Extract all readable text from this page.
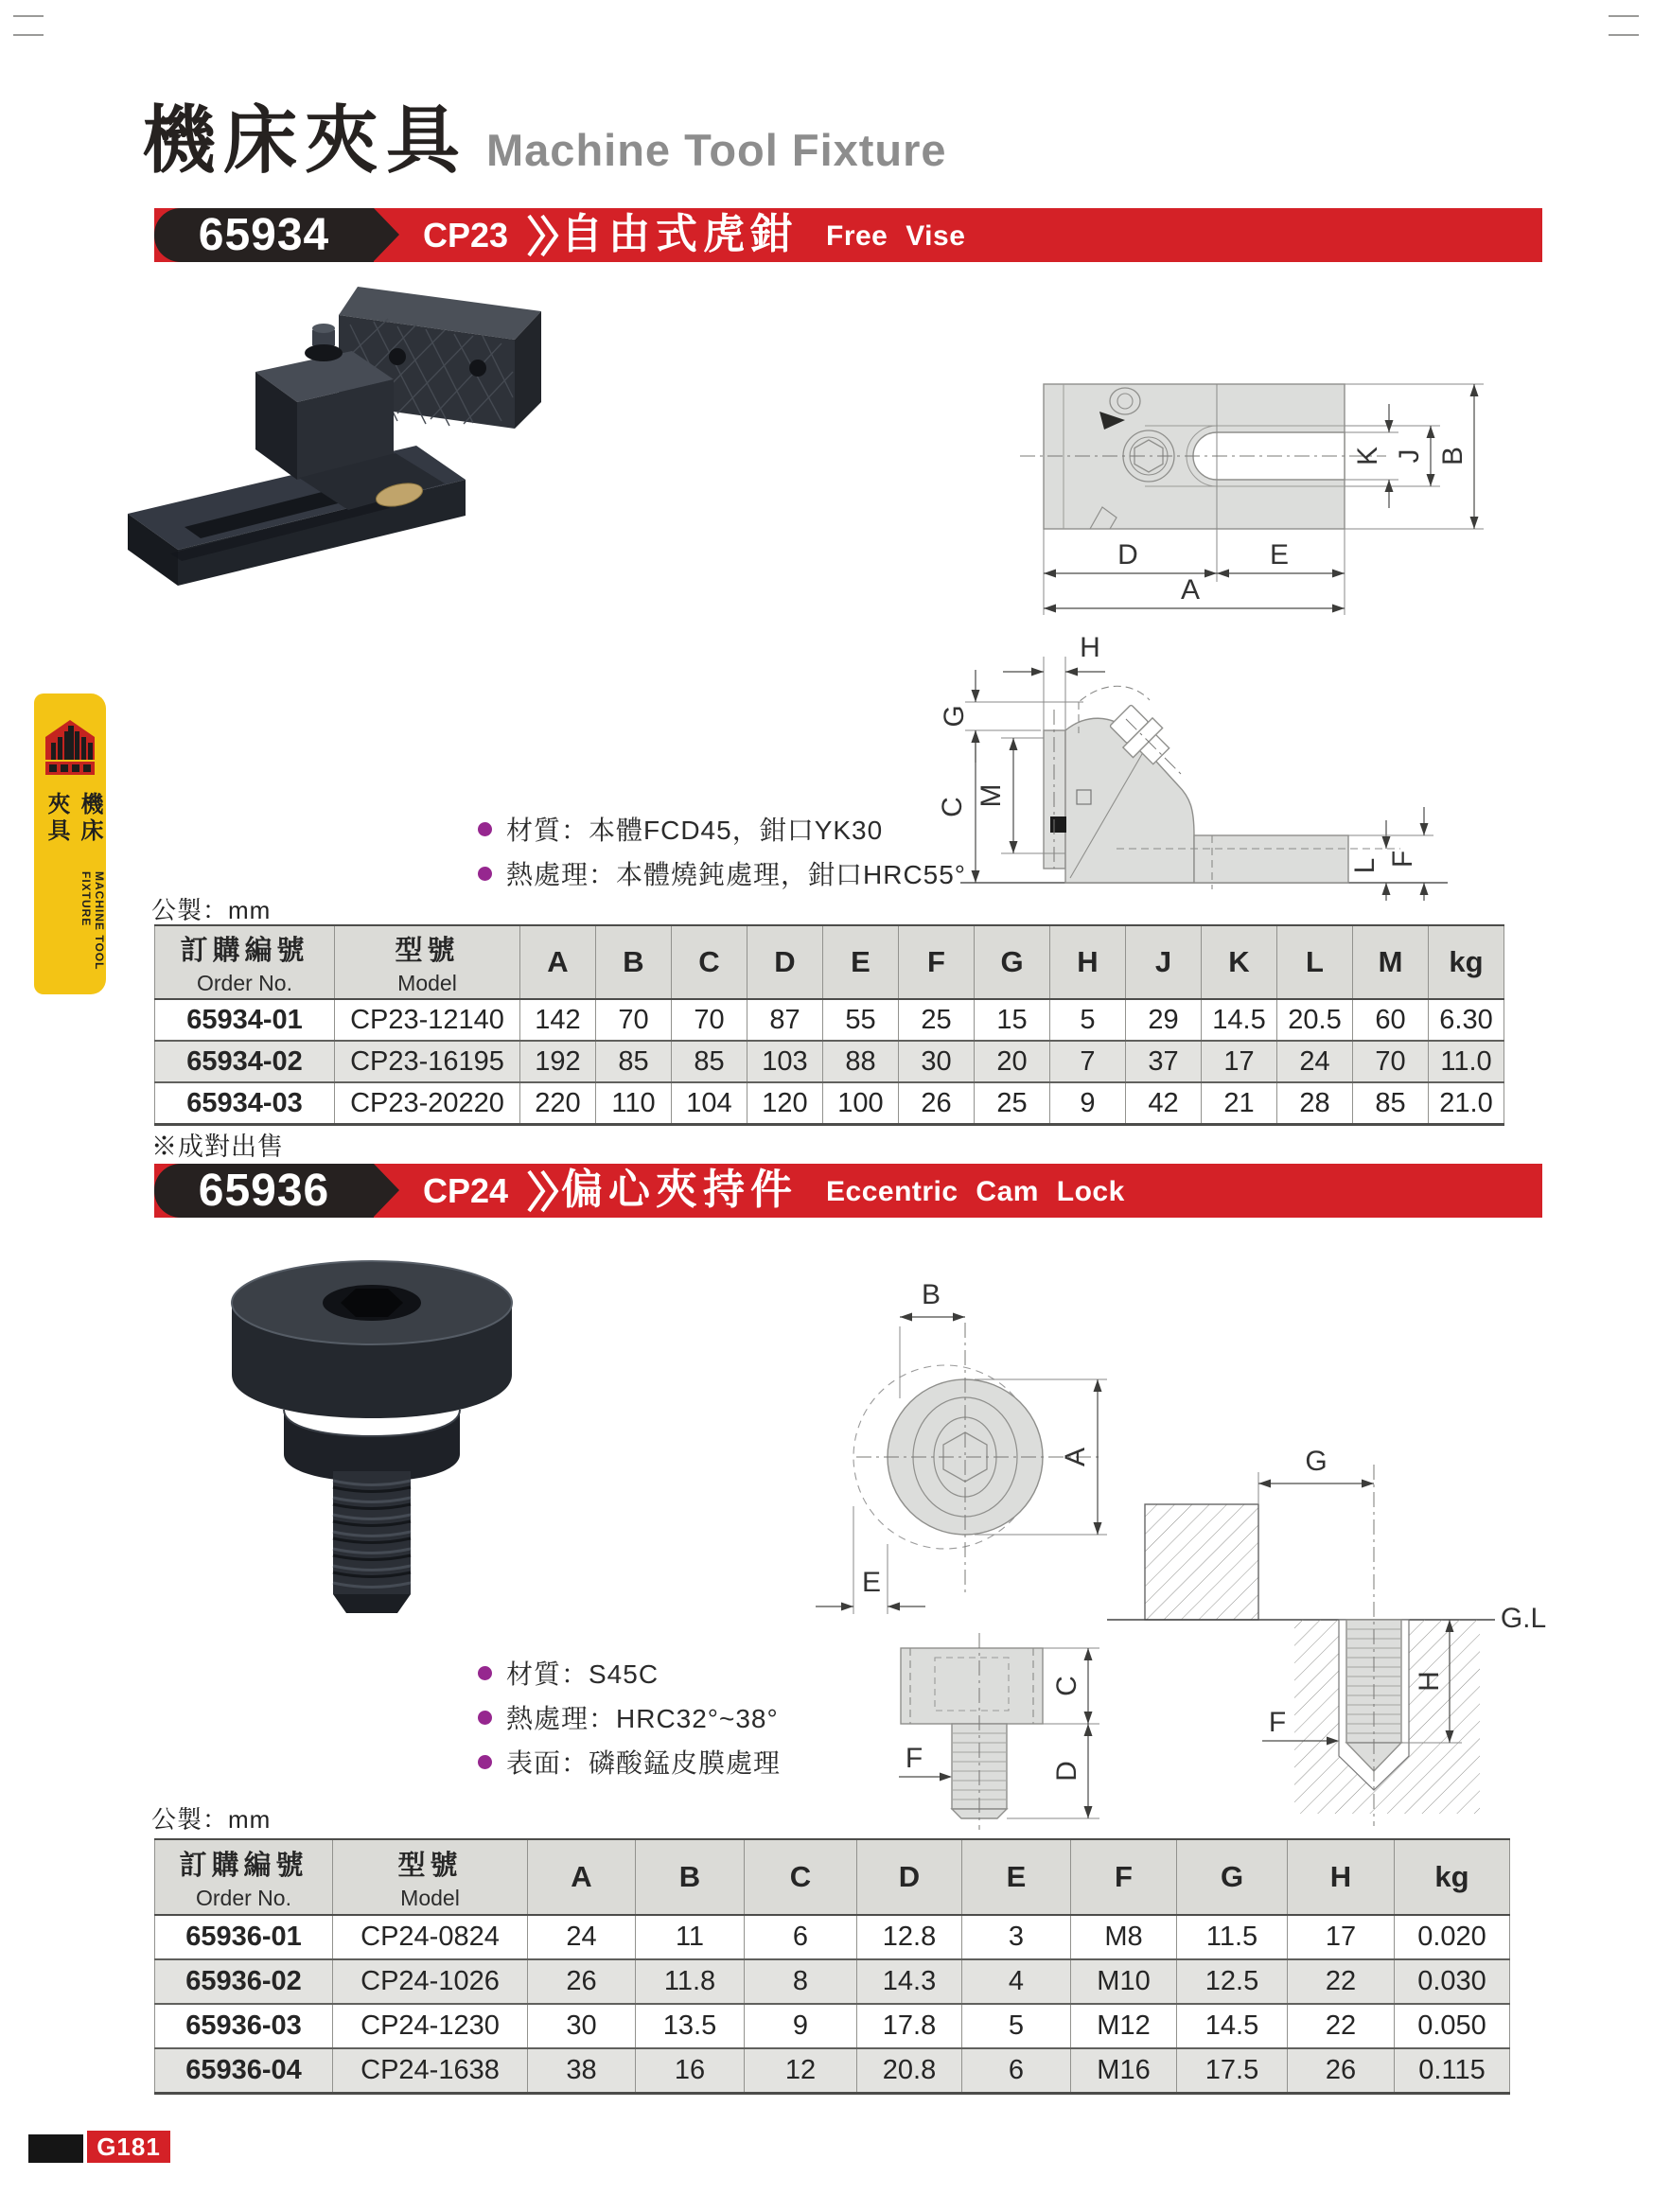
機床夾具 Machine Tool Fixture
65934	CP23 自由式虎鉗 Free Vise
D	E
A
B
J
K
H
G
C M
L F
材質：本體FCD45，鉗口YK30
熱處理：本體燒鈍處理，鉗口HRC55°
公製：mm
訂購編號
Order No.

型號
Model
	A	B	C	D	E	F	G	H	J	K	L	M	kg
65934-01	CP23-12140	142	70	70	87	55	25	15	5	29	14.5	20.5	60	6.30
65934-02	CP23-16195	192	85	85	103	88	30	20	7	37	17	24	70	11.0
65934-03	CP23-20220	220	110	104	120	100	26	25	9	42	21	28	85	21.0
※成對出售
65936	CP24 偏心夾持件 Eccentric Cam Lock
B
A
E
C
D
F
G.L
G
H
F
材質：S45C
熱處理：HRC32°~38°
表面：磷酸錳皮膜處理
公製：mm
訂購編號
Order No.

型號
Model
	A	B	C	D	E	F	G	H	kg
65936-01	CP24-0824	24	11	6	12.8	3	M8	11.5	17	0.020
65936-02	CP24-1026	26	11.8	8	14.3	4	M10	12.5	22	0.030
65936-03	CP24-1230	30	13.5	9	17.8	5	M12	14.5	22	0.050
65936-04	CP24-1638	38	16	12	20.8	6	M16	17.5	26	0.115
機床夾具
MACHINE TOOL FIXTURE
G181
